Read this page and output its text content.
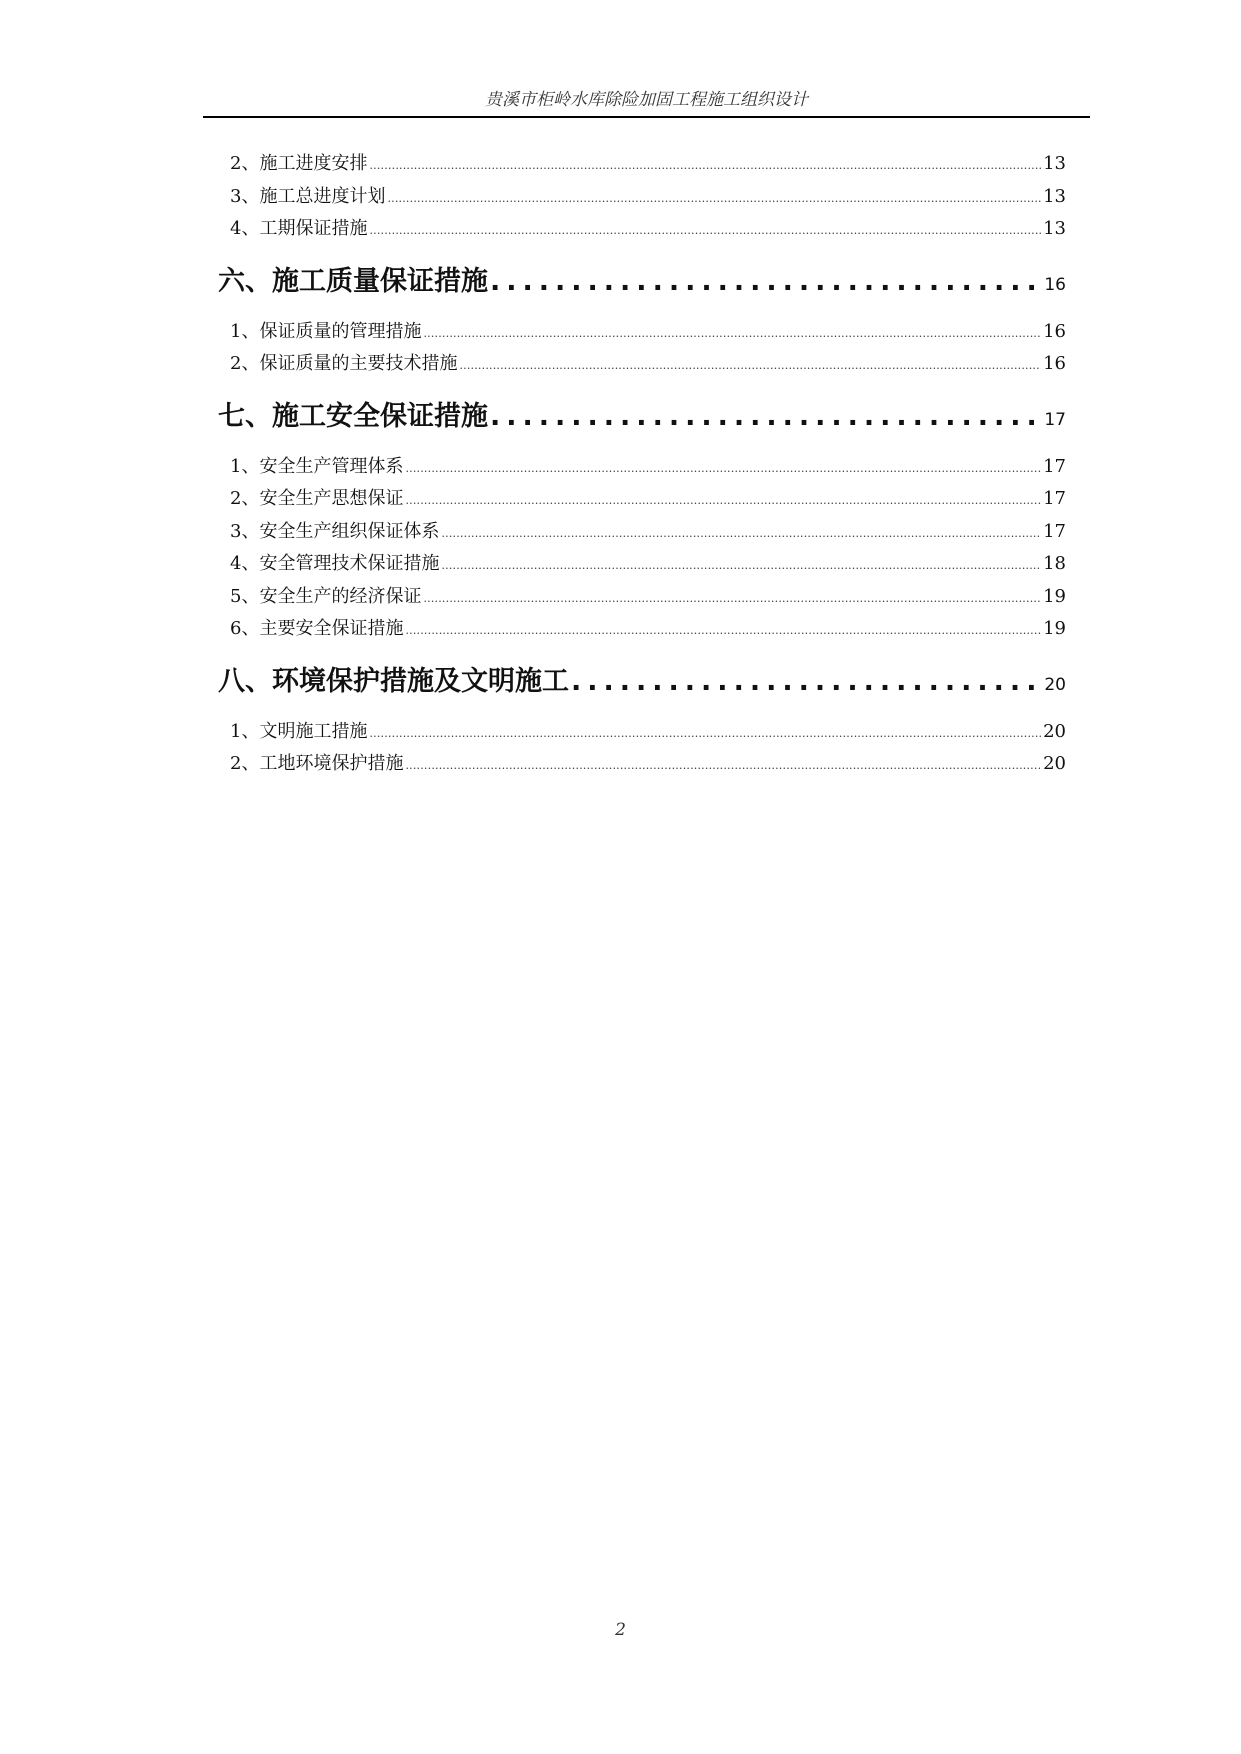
贵溪市柜岭水库除险加固工程施工组织设计
2、施工进度安排 .....	13
3、施工总进度计划 .....	13
4、工期保证措施 .....	13
六、施工质量保证措施 .....	16
1、保证质量的管理措施 .....	16
2、保证质量的主要技术措施 .....	16
七、施工安全保证措施 .....	17
1、安全生产管理体系 .....	17
2、安全生产思想保证 .....	17
3、安全生产组织保证体系 .....	17
4、安全管理技术保证措施 .....	18
5、安全生产的经济保证 .....	19
6、主要安全保证措施 .....	19
八、环境保护措施及文明施工 .....	20
1、文明施工措施 .....	20
2、工地环境保护措施 .....	20
2
